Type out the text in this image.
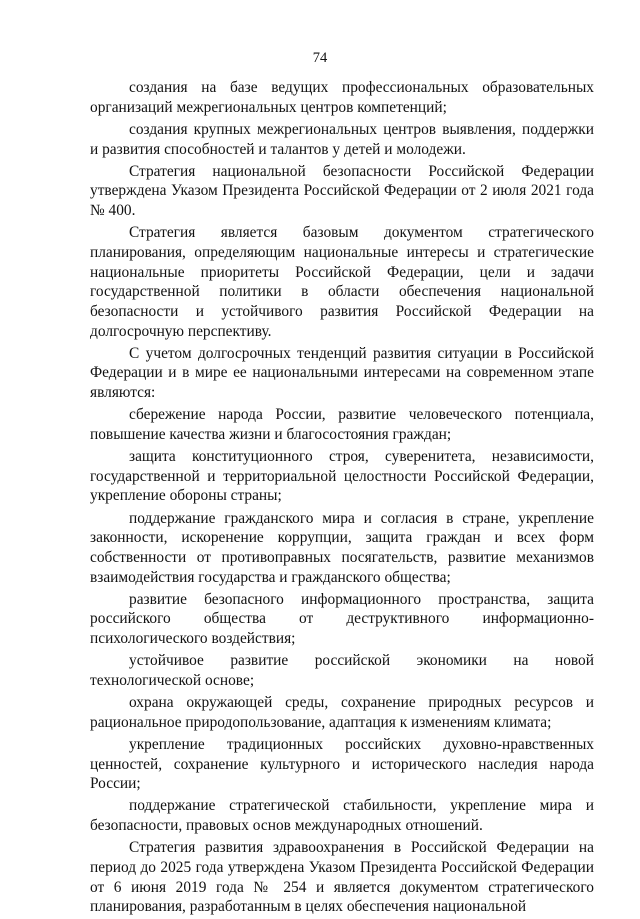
74

создания на базе ведущих профессиональных образовательных организаций межрегиональных центров компетенций;

создания крупных межрегиональных центров выявления, поддержки и развития способностей и талантов у детей и молодежи.

Стратегия национальной безопасности Российской Федерации утверждена Указом Президента Российской Федерации от 2 июля 2021 года № 400.

Стратегия является базовым документом стратегического планирования, определяющим национальные интересы и стратегические национальные приоритеты Российской Федерации, цели и задачи государственной политики в области обеспечения национальной безопасности и устойчивого развития Российской Федерации на долгосрочную перспективу.

С учетом долгосрочных тенденций развития ситуации в Российской Федерации и в мире ее национальными интересами на современном этапе являются:

сбережение народа России, развитие человеческого потенциала, повышение качества жизни и благосостояния граждан;

защита конституционного строя, суверенитета, независимости, государственной и территориальной целостности Российской Федерации, укрепление обороны страны;

поддержание гражданского мира и согласия в стране, укрепление законности, искоренение коррупции, защита граждан и всех форм собственности от противоправных посягательств, развитие механизмов взаимодействия государства и гражданского общества;

развитие безопасного информационного пространства, защита российского общества от деструктивного информационно-психологического воздействия;

устойчивое развитие российской экономики на новой технологической основе;

охрана окружающей среды, сохранение природных ресурсов и рациональное природопользование, адаптация к изменениям климата;

укрепление традиционных российских духовно-нравственных ценностей, сохранение культурного и исторического наследия народа России;

поддержание стратегической стабильности, укрепление мира и безопасности, правовых основ международных отношений.

Стратегия развития здравоохранения в Российской Федерации на период до 2025 года утверждена Указом Президента Российской Федерации от 6 июня 2019 года № 254 и является документом стратегического планирования, разработанным в целях обеспечения национальной
